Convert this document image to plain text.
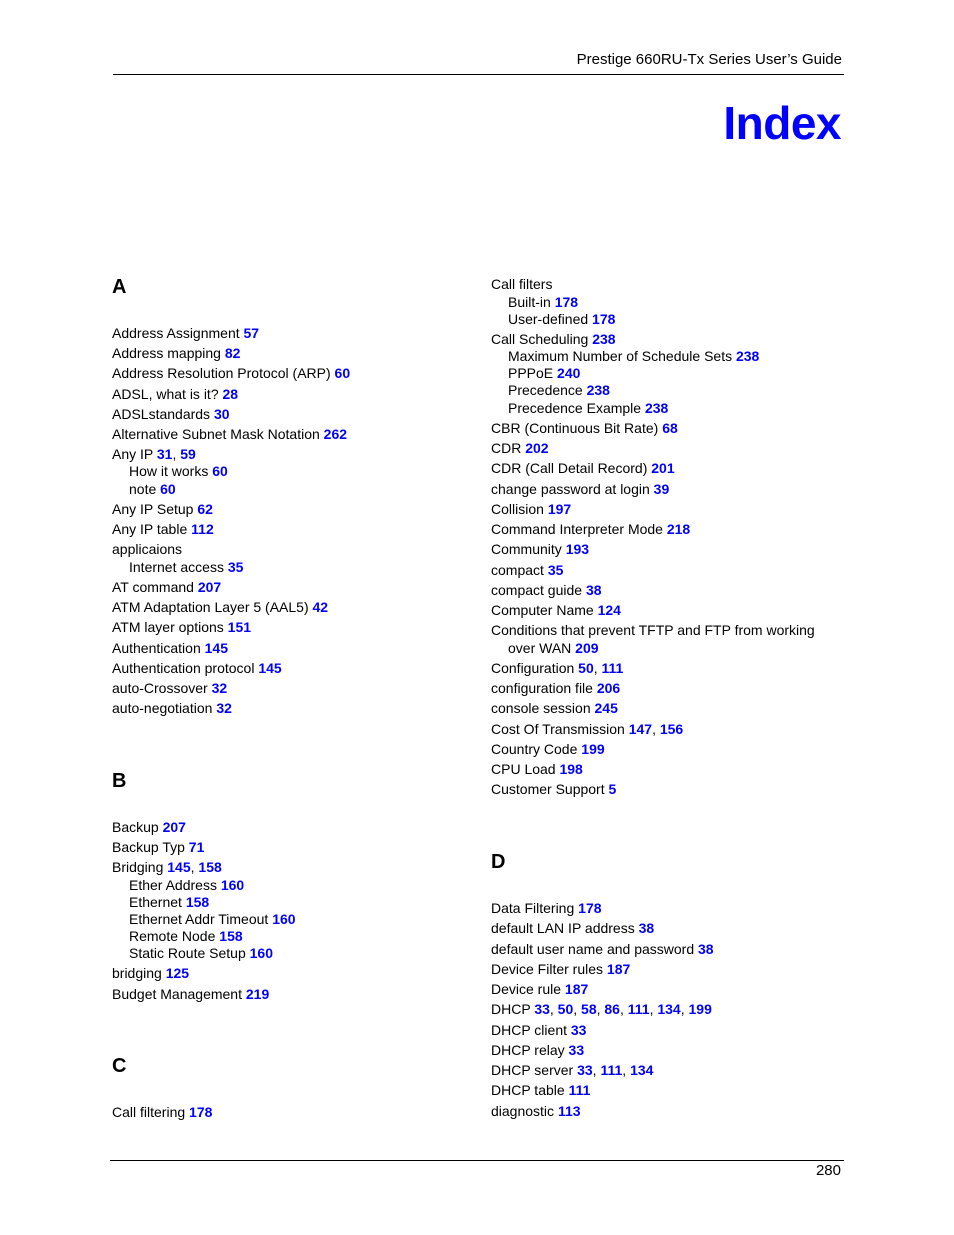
Prestige 660RU-Tx Series User’s Guide
Index
A
Address Assignment 57
Address mapping 82
Address Resolution Protocol (ARP) 60
ADSL, what is it? 28
ADSLstandards 30
Alternative Subnet Mask Notation 262
Any IP 31, 59
How it works 60
note 60
Any IP Setup 62
Any IP table 112
applicaions
Internet access 35
AT command 207
ATM Adaptation Layer 5 (AAL5) 42
ATM layer options 151
Authentication 145
Authentication protocol 145
auto-Crossover 32
auto-negotiation 32
B
Backup 207
Backup Typ 71
Bridging 145, 158
Ether Address 160
Ethernet 158
Ethernet Addr Timeout 160
Remote Node 158
Static Route Setup 160
bridging 125
Budget Management 219
C
Call filtering 178
Call filters
Built-in 178
User-defined 178
Call Scheduling 238
Maximum Number of Schedule Sets 238
PPPoE 240
Precedence 238
Precedence Example 238
CBR (Continuous Bit Rate) 68
CDR 202
CDR (Call Detail Record) 201
change password at login 39
Collision 197
Command Interpreter Mode 218
Community 193
compact 35
compact guide 38
Computer Name 124
Conditions that prevent TFTP and FTP from working
over WAN 209
Configuration 50, 111
configuration file 206
console session 245
Cost Of Transmission 147, 156
Country Code 199
CPU Load 198
Customer Support 5
D
Data Filtering 178
default LAN IP address 38
default user name and password 38
Device Filter rules 187
Device rule 187
DHCP 33, 50, 58, 86, 111, 134, 199
DHCP client 33
DHCP relay 33
DHCP server 33, 111, 134
DHCP table 111
diagnostic 113
280
